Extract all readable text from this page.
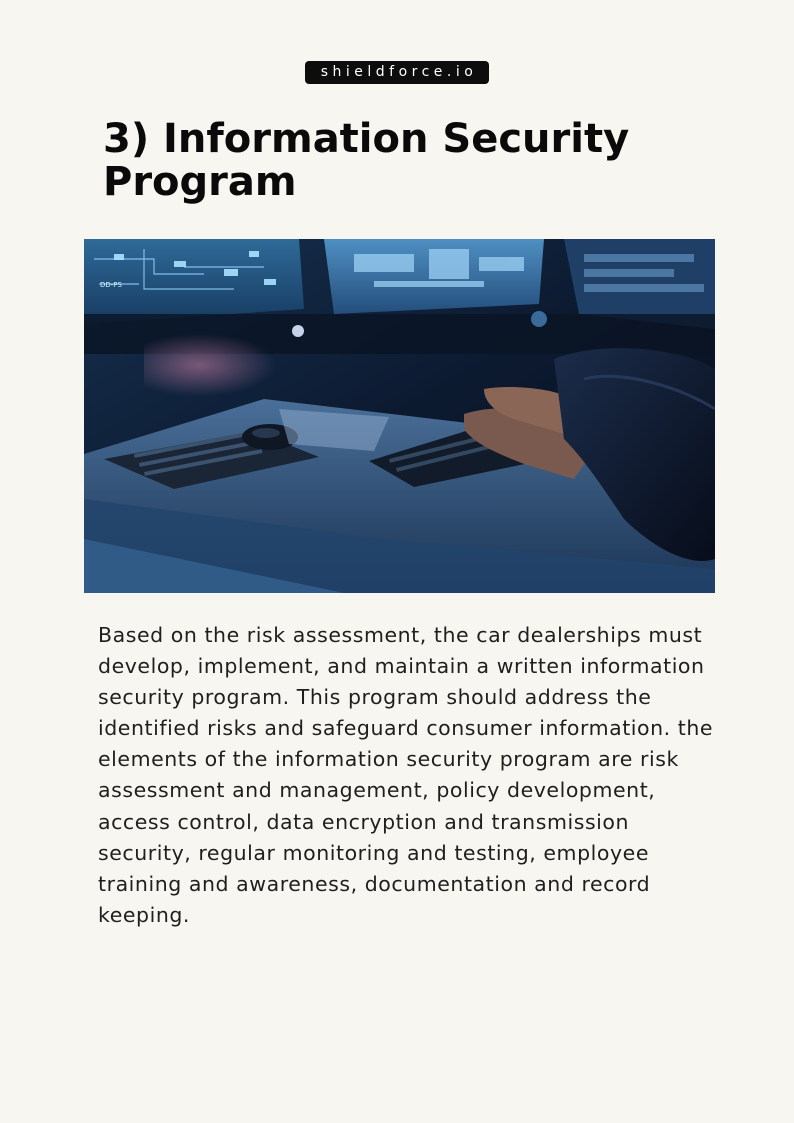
shieldforce.io
3) Information Security Program
DD-PS

Based on the risk assessment, the car dealerships must develop, implement, and maintain a written information security program. This program should address the identified risks and safeguard consumer information. the elements of the information security program are risk assessment and management, policy development, access control, data encryption and transmission security, regular monitoring and testing, employee training and awareness, documentation and record keeping.
